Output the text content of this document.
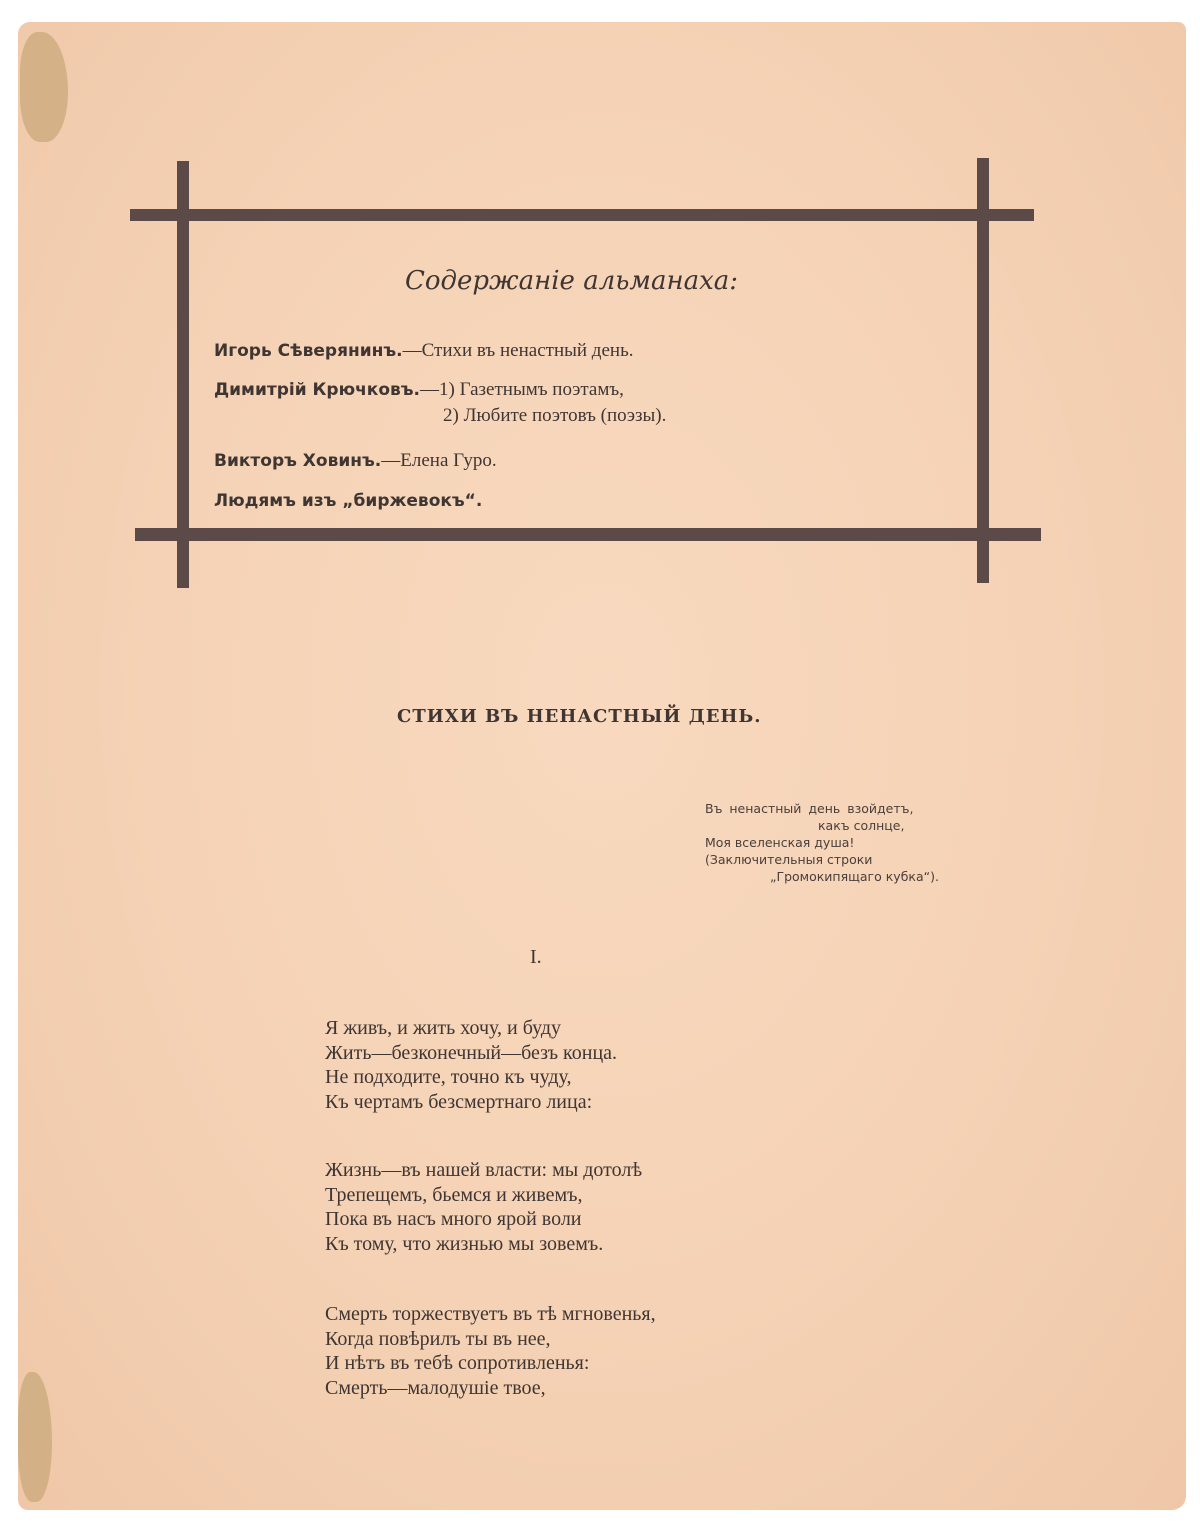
Содержаніе альманаха:
Игорь Сѣверянинъ.—Стихи въ ненастный день.
Димитрій Крючковъ.—1) Газетнымъ поэтамъ,
2) Любите поэтовъ (поэзы).
Викторъ Ховинъ.—Елена Гуро.
Людямъ изъ „биржевокъ“.
СТИХИ ВЪ НЕНАСТНЫЙ ДЕНЬ.
Въ ненастный день взойдетъ,
какъ солнце,
Моя вселенская душа!
(Заключительныя строки
„Громокипящаго кубка“).
I.
Я живъ, и жить хочу, и буду
Жить—безконечный—безъ конца.
Не подходите, точно къ чуду,
Къ чертамъ безсмертнаго лица:
Жизнь—въ нашей власти: мы дотолѣ
Трепещемъ, бьемся и живемъ,
Пока въ насъ много ярой воли
Къ тому, что жизнью мы зовемъ.
Смерть торжествуетъ въ тѣ мгновенья,
Когда повѣрилъ ты въ нее,
И нѣтъ въ тебѣ сопротивленья:
Смерть—малодушіе твое,
